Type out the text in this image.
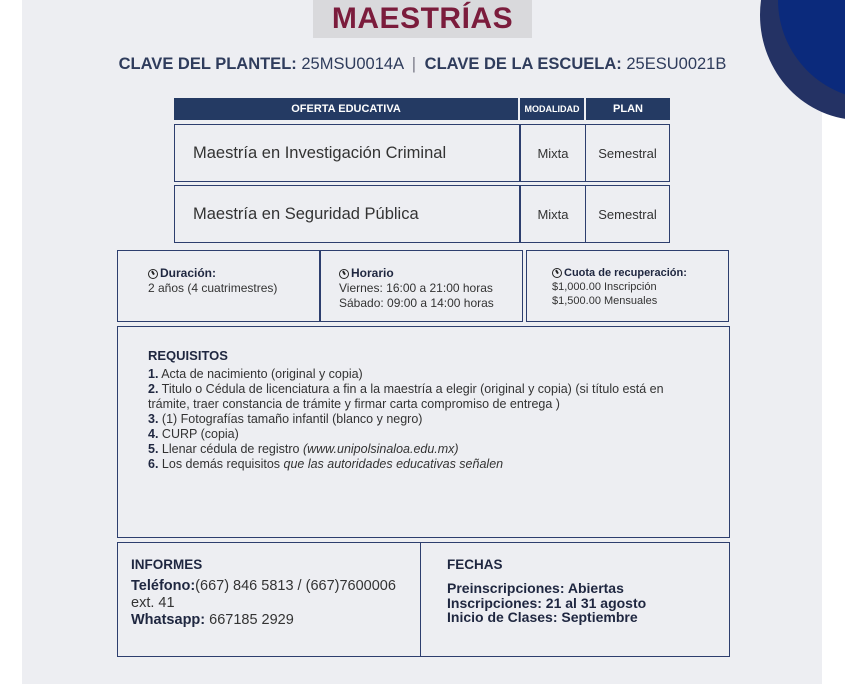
MAESTRÍAS
CLAVE DEL PLANTEL: 25MSU0014A | CLAVE DE LA ESCUELA: 25ESU0021B
OFERTA EDUCATIVA	MODALIDAD	PLAN
Maestría en Investigación Criminal	Mixta	Semestral
Maestría en Seguridad Pública	Mixta	Semestral
Duración:
2 años (4 cuatrimestres)
Horario
Viernes: 16:00 a 21:00 horas
Sábado: 09:00 a 14:00 horas
Cuota de recuperación:
$1,000.00 Inscripción
$1,500.00 Mensuales
REQUISITOS
1. Acta de nacimiento (original y copia)
2. Titulo o Cédula de licenciatura a fin a la maestría a elegir (original y copia) (si título está en trámite, traer constancia de trámite y firmar carta compromiso de entrega )
3. (1) Fotografías tamaño infantil (blanco y negro)
4. CURP (copia)
5. Llenar cédula de registro (www.unipolsinaloa.edu.mx)
6. Los demás requisitos que las autoridades educativas señalen
INFORMES
Teléfono:(667) 846 5813 / (667)7600006
ext. 41
Whatsapp: 667185 2929
FECHAS
Preinscripciones: Abiertas
Inscripciones: 21 al 31 agosto
Inicio de Clases: Septiembre
